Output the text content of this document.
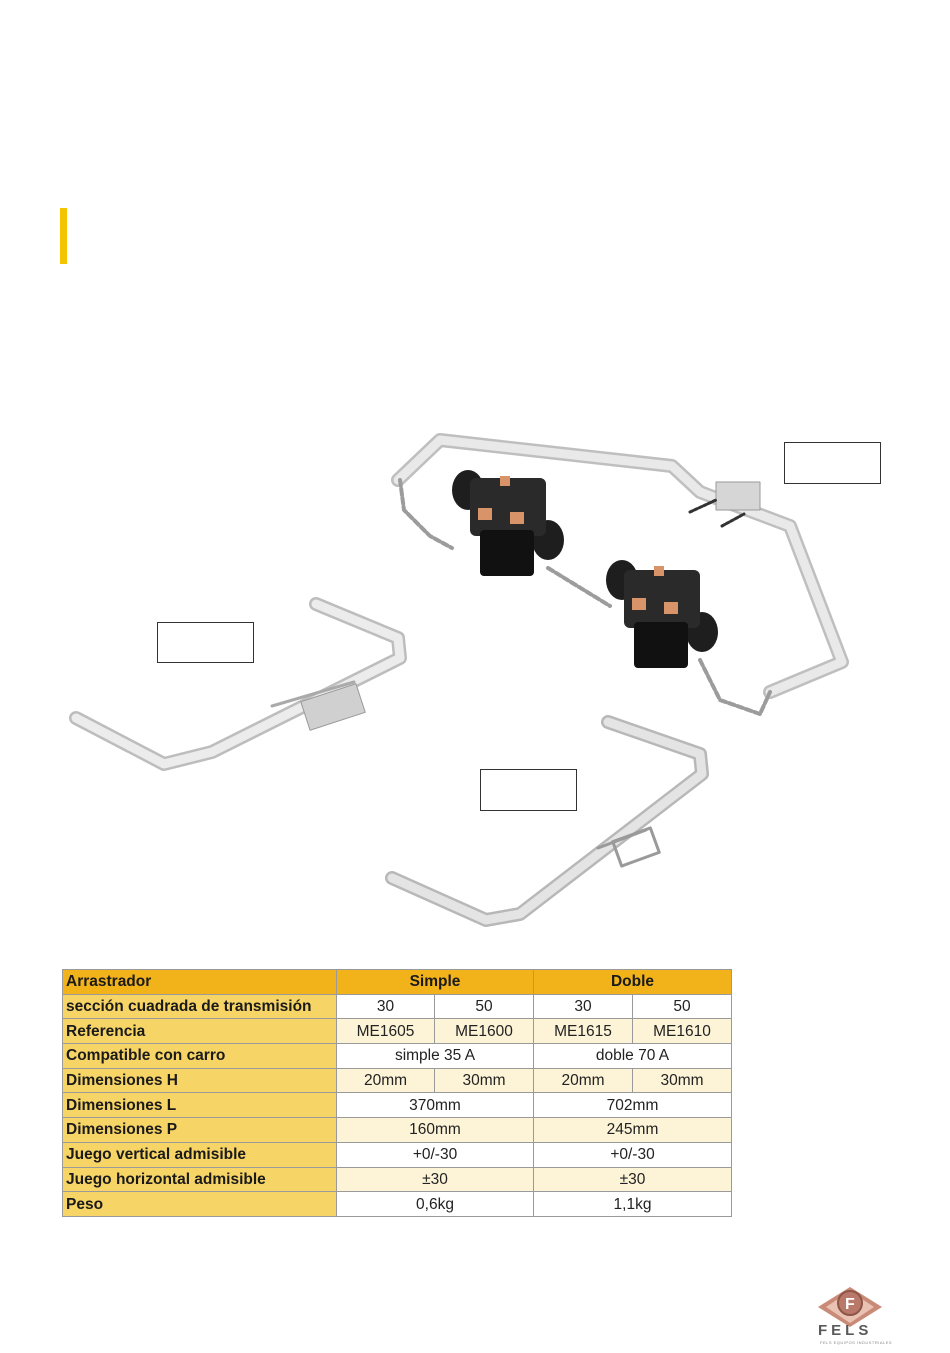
Arrastrador	Simple		Doble	
sección cuadrada de transmisión	30	50	30	50
Referencia	ME1605	ME1600	ME1615	ME1610
Compatible con carro	simple 35 A		doble 70 A	
Dimensiones H	20mm	30mm	20mm	30mm
Dimensiones L	370mm		702mm	
Dimensiones P	160mm		245mm	
Juego vertical admisible	+0/-30		+0/-30	
Juego horizontal admisible	±30		±30	
Peso	0,6kg		1,1kg	
F
FELS
FELS EQUIPOS INDUSTRIALES
